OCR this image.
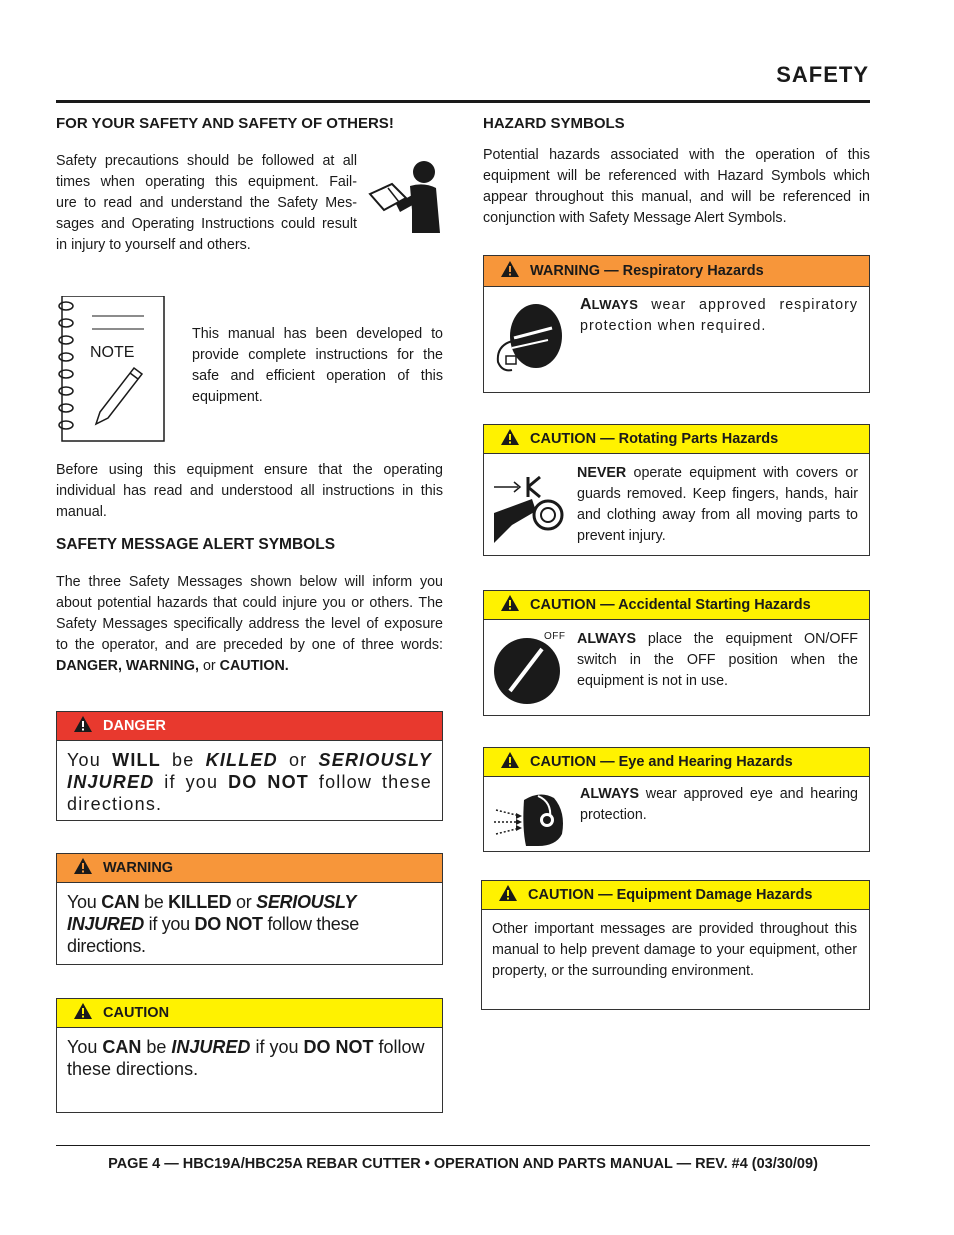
SAFETY
FOR YOUR SAFETY AND SAFETY OF OTHERS!
Safety precautions should be followed at all
times when operating this equipment. Fail-
ure to read and understand the Safety Mes-
sages and Operating Instructions could result
in injury to yourself and others.
NOTE
This manual has been developed to
provide complete instructions for the
safe and efficient operation of this
equipment.
Before using this equipment ensure that the operating individual has read and understood all instructions in this manual.
SAFETY MESSAGE ALERT SYMBOLS
The three Safety Messages shown below will inform you about potential hazards that could injure you or others. The Safety Messages specifically address the level of exposure to the operator, and are preceded by one of three words: DANGER, WARNING, or CAUTION.
DANGER
You WILL be KILLED or SERIOUSLY INJURED if you DO NOT follow these directions.
WARNING
You CAN be KILLED or SERIOUSLY INJURED if you DO NOT follow these directions.
CAUTION
You CAN be INJURED if you DO NOT follow these directions.
HAZARD SYMBOLS
Potential hazards associated with the operation of this equipment will be referenced with Hazard Symbols which appear throughout this manual, and will be referenced in conjunction with Safety Message Alert Symbols.
WARNING — Respiratory Hazards
ALWAYS wear approved respiratory protection when required.
CAUTION — Rotating Parts Hazards
NEVER operate equipment with covers or guards removed. Keep fingers, hands, hair and clothing away from all moving parts to prevent injury.
CAUTION — Accidental Starting Hazards
OFF ALWAYS place the equipment ON/OFF switch in the OFF position when the equipment is not in use.
CAUTION — Eye and Hearing Hazards
ALWAYS wear approved eye and hearing protection.
CAUTION — Equipment Damage Hazards
Other important messages are provided throughout this manual to help prevent damage to your equipment, other property, or the surrounding environment.
PAGE 4 — HBC19A/HBC25A REBAR CUTTER • OPERATION AND PARTS MANUAL — REV. #4 (03/30/09)
